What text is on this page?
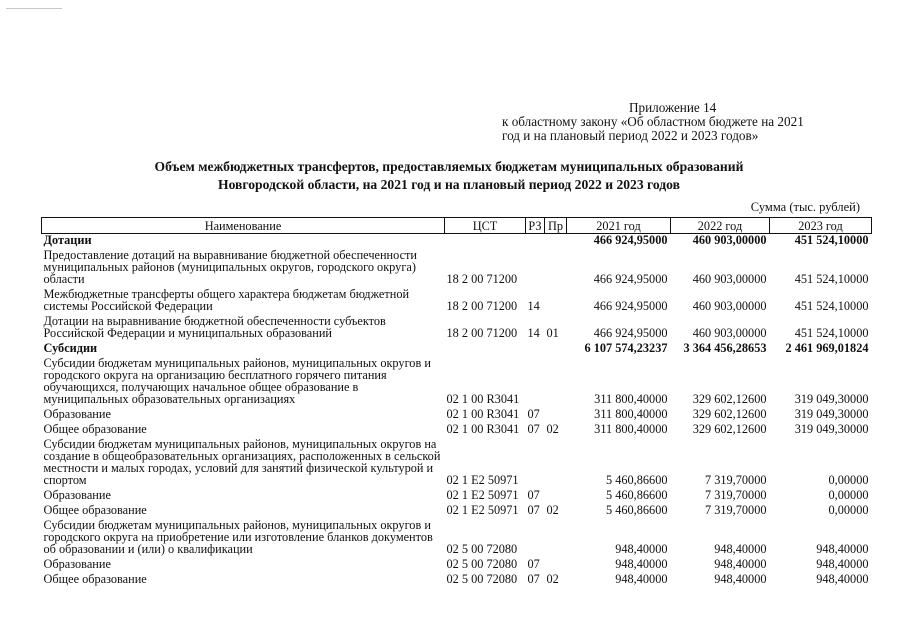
Приложение 14
к областному закону «Об областном бюджете на 2021
год и на плановый период 2022 и 2023 годов»
Объем межбюджетных трансфертов, предоставляемых бюджетам муниципальных образований
Новгородской области, на 2021 год и на плановый период 2022 и 2023 годов
Сумма (тыс. рублей)
Наименование	ЦСТ	РЗ	Пр	2021 год	2022 год	2023 год
Дотации				466 924,95000	460 903,00000	451 524,10000
Предоставление дотаций на выравнивание бюджетной обеспеченности муниципальных районов (муниципальных округов, городского округа) области	18 2 00 71200			466 924,95000	460 903,00000	451 524,10000
Межбюджетные трансферты общего характера бюджетам бюджетной системы Российской Федерации	18 2 00 71200	14		466 924,95000	460 903,00000	451 524,10000
Дотации на выравнивание бюджетной обеспеченности субъектов Российской Федерации и муниципальных образований	18 2 00 71200	14	01	466 924,95000	460 903,00000	451 524,10000
Субсидии				6 107 574,23237	3 364 456,28653	2 461 969,01824
Субсидии бюджетам муниципальных районов, муниципальных округов и городского округа на организацию бесплатного горячего питания обучающихся, получающих начальное общее образование в муниципальных образовательных организациях	02 1 00 R3041			311 800,40000	329 602,12600	319 049,30000
Образование	02 1 00 R3041	07		311 800,40000	329 602,12600	319 049,30000
Общее образование	02 1 00 R3041	07	02	311 800,40000	329 602,12600	319 049,30000
Субсидии бюджетам муниципальных районов, муниципальных округов на создание в общеобразовательных организациях, расположенных в сельской местности и малых городах, условий для занятий физической культурой и спортом	02 1 E2 50971			5 460,86600	7 319,70000	0,00000
Образование	02 1 E2 50971	07		5 460,86600	7 319,70000	0,00000
Общее образование	02 1 E2 50971	07	02	5 460,86600	7 319,70000	0,00000
Субсидии бюджетам муниципальных районов, муниципальных округов и городского округа на приобретение или изготовление бланков документов об образовании и (или) о квалификации	02 5 00 72080			948,40000	948,40000	948,40000
Образование	02 5 00 72080	07		948,40000	948,40000	948,40000
Общее образование	02 5 00 72080	07	02	948,40000	948,40000	948,40000
